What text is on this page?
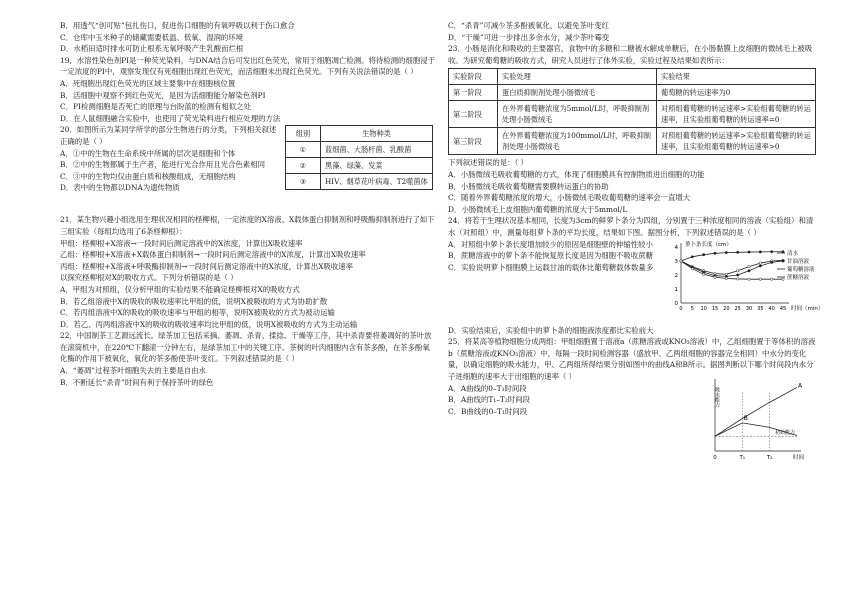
B．用透气“创可贴”包扎伤口，促进伤口细胞的有氧呼吸以利于伤口愈合

C．仓库中玉米种子的储藏需要低温、低氧、湿润的环境

D．水稻田适时排水可防止根系无氧呼吸产生乳酸而烂根

19．水溶性染色剂PI是一种荧光染料，与DNA结合后可发出红色荧光，常用于细胞凋亡检测。将待检测的细胞浸于一定浓度的PI中，观察发现仅有死细胞出现红色荧光，而活细胞未出现红色荧光。下列有关说法错误的是（ ）

A．死细胞出现红色荧光的区域主要集中在细胞核位置

B．活细胞中观察不到红色荧光，是因为活细胞能分解染色剂PI

C．PI检测细胞是否死亡的原理与台盼蓝的检测有相似之处

D．在人鼠细胞融合实验中，也使用了荧光染料进行相应处理的方法

20．如图所示为某同学所学的部分生物进行的分类，下列相关叙述正确的是（ ）

A．①中的生物在生命系统中所属的层次是细胞和个体

B．②中的生物都属于生产者，能进行光合作用且光合色素相同

C．③中的生物均仅由蛋白质和核酸组成，无细胞结构

D．表中的生物都以DNA为遗传物质

组别	生物种类
①	蓝细菌、大肠杆菌、乳酸菌
②	黑藻、绿藻、发菜
③	HIV、烟草花叶病毒、T2噬菌体

21．某生物兴趣小组选用生理状况相同的柽柳根，一定浓度的X溶液、X载体蛋白抑制剂和呼吸酶抑制剂进行了如下三组实验（每组均选用了6条柽柳根）：

甲组：柽柳根+X溶液→一段时间后测定溶液中的X浓度，计算出X吸收速率

乙组：柽柳根+X溶液+X载体蛋白抑制剂→一段时间后测定溶液中的X浓度，计算出X吸收速率

丙组：柽柳根+X溶液+呼吸酶抑制剂→一段时间后测定溶液中的X浓度，计算出X吸收速率

以探究柽柳根对X的吸收方式。下列分析错误的是（ ）

A．甲组为对照组，仅分析甲组的实验结果不能确定柽柳根对X的吸收方式

B．若乙组溶液中X的吸收的吸收速率比甲组的低，说明X被吸收的方式为协助扩散

C．若丙组溶液中X的吸收的吸收速率与甲组的相等，说明X被吸收的方式为被动运输

D．若乙、丙两组溶液中X的吸收的吸收速率均比甲组的低，说明X被吸收的方式为主动运输

22．中国制茶工艺源远流长。绿茶加工包括采摘、萎凋、杀青、揉捻、干燥等工序，其中杀青要将萎凋好的茶叶放在滚筒机中，在220℃下翻滚一分钟左右，是绿茶加工中的关键工序。茶树的叶肉细胞内含有茶多酚，在茶多酚氧化酶的作用下被氧化，氧化的茶多酚使茶叶变红。下列叙述错误的是（ ）

A．“萎凋”过程茶叶细胞失去的主要是自由水

B．不断延长“杀青”时间有利于保持茶叶的绿色

C．“杀青”可减少茶多酚被氧化，以避免茶叶变红

D．“干燥”可进一步排出多余水分，减少茶叶霉变

23．小肠是消化和吸收的主要器官，食物中的多糖和二糖被水解成单糖后，在小肠黏膜上皮细胞的微绒毛上被吸收。为研究葡萄糖的吸收方式，研究人员进行了体外实验，实验过程及结果如表所示：

实验阶段	实验处理	实验结果
第一阶段	蛋白质抑制剂处理小肠微绒毛	葡萄糖的转运速率为0
第二阶段	在外界葡萄糖浓度为5mmol/L时，呼吸抑制剂处理小肠微绒毛	对照组葡萄糖的转运速率>实验组葡萄糖的转运速率，且实验组葡萄糖的转运速率=0
第三阶段	在外界葡萄糖浓度为100mmol/L时，呼吸抑制剂处理小肠微绒毛	对照组葡萄糖的转运速率>实验组葡萄糖的转运速率，且实验组葡萄糖的转运速率>0

下列叙述错误的是：（ ）

A．小肠微绒毛吸收葡萄糖的方式，体现了细胞膜具有控制物质进出细胞的功能

B．小肠微绒毛吸收葡萄糖需要膜转运蛋白的协助

C．随着外界葡萄糖浓度的增大，小肠微绒毛吸收葡萄糖的速率会一直增大

D．小肠微绒毛上皮细胞内葡萄糖的浓度大于5mmol/L

24．将若干生理状况基本相同，长度为3cm的鲜萝卜条分为四组，分别置于三种浓度相同的溶液（实验组）和清水（对照组）中，测量每组萝卜条的平均长度，结果如下图。据图分析，下列叙述错误的是（ ）

A．对照组中萝卜条长度增加较少的原因是细胞壁的伸缩性较小

B．蔗糖溶液中的萝卜条不能恢复原长度是因为细胞不吸收蔗糖

C．实验说明萝卜细胞膜上运载甘油的载体比葡萄糖载体数量多

萝卜条长度（cm）
0
1
2
3
4
0 5 10 15 20 25 30 35 40 45 时间（min）
清水
甘油溶液
葡萄糖溶液
蔗糖溶液

D．实验结束后，实验组中的萝卜条的细胞液浓度都比实验前大

25．将某高等植物细胞分成两组：甲组细胞置于溶液a（蔗糖溶液或KNO₃溶液）中，乙组细胞置于等体积的溶液b（蔗糖溶液或KNO₃溶液）中，每隔一段时间检测容器（盛放甲、乙两组细胞的容器完全相同）中水分的变化量，以确定细胞的吸水能力，甲、乙两组所得结果分别如图中的曲线A和B所示。据图判断以下哪个时间段内水分子进细胞的速率大于出细胞的速率（ ）

A．A曲线的0–T₁时间段

B．A曲线的T₁–T₂时间段

C．B曲线的0–T₁时间段

吸水能力
时间
0	T₁	T₂
初始能力
A
B
